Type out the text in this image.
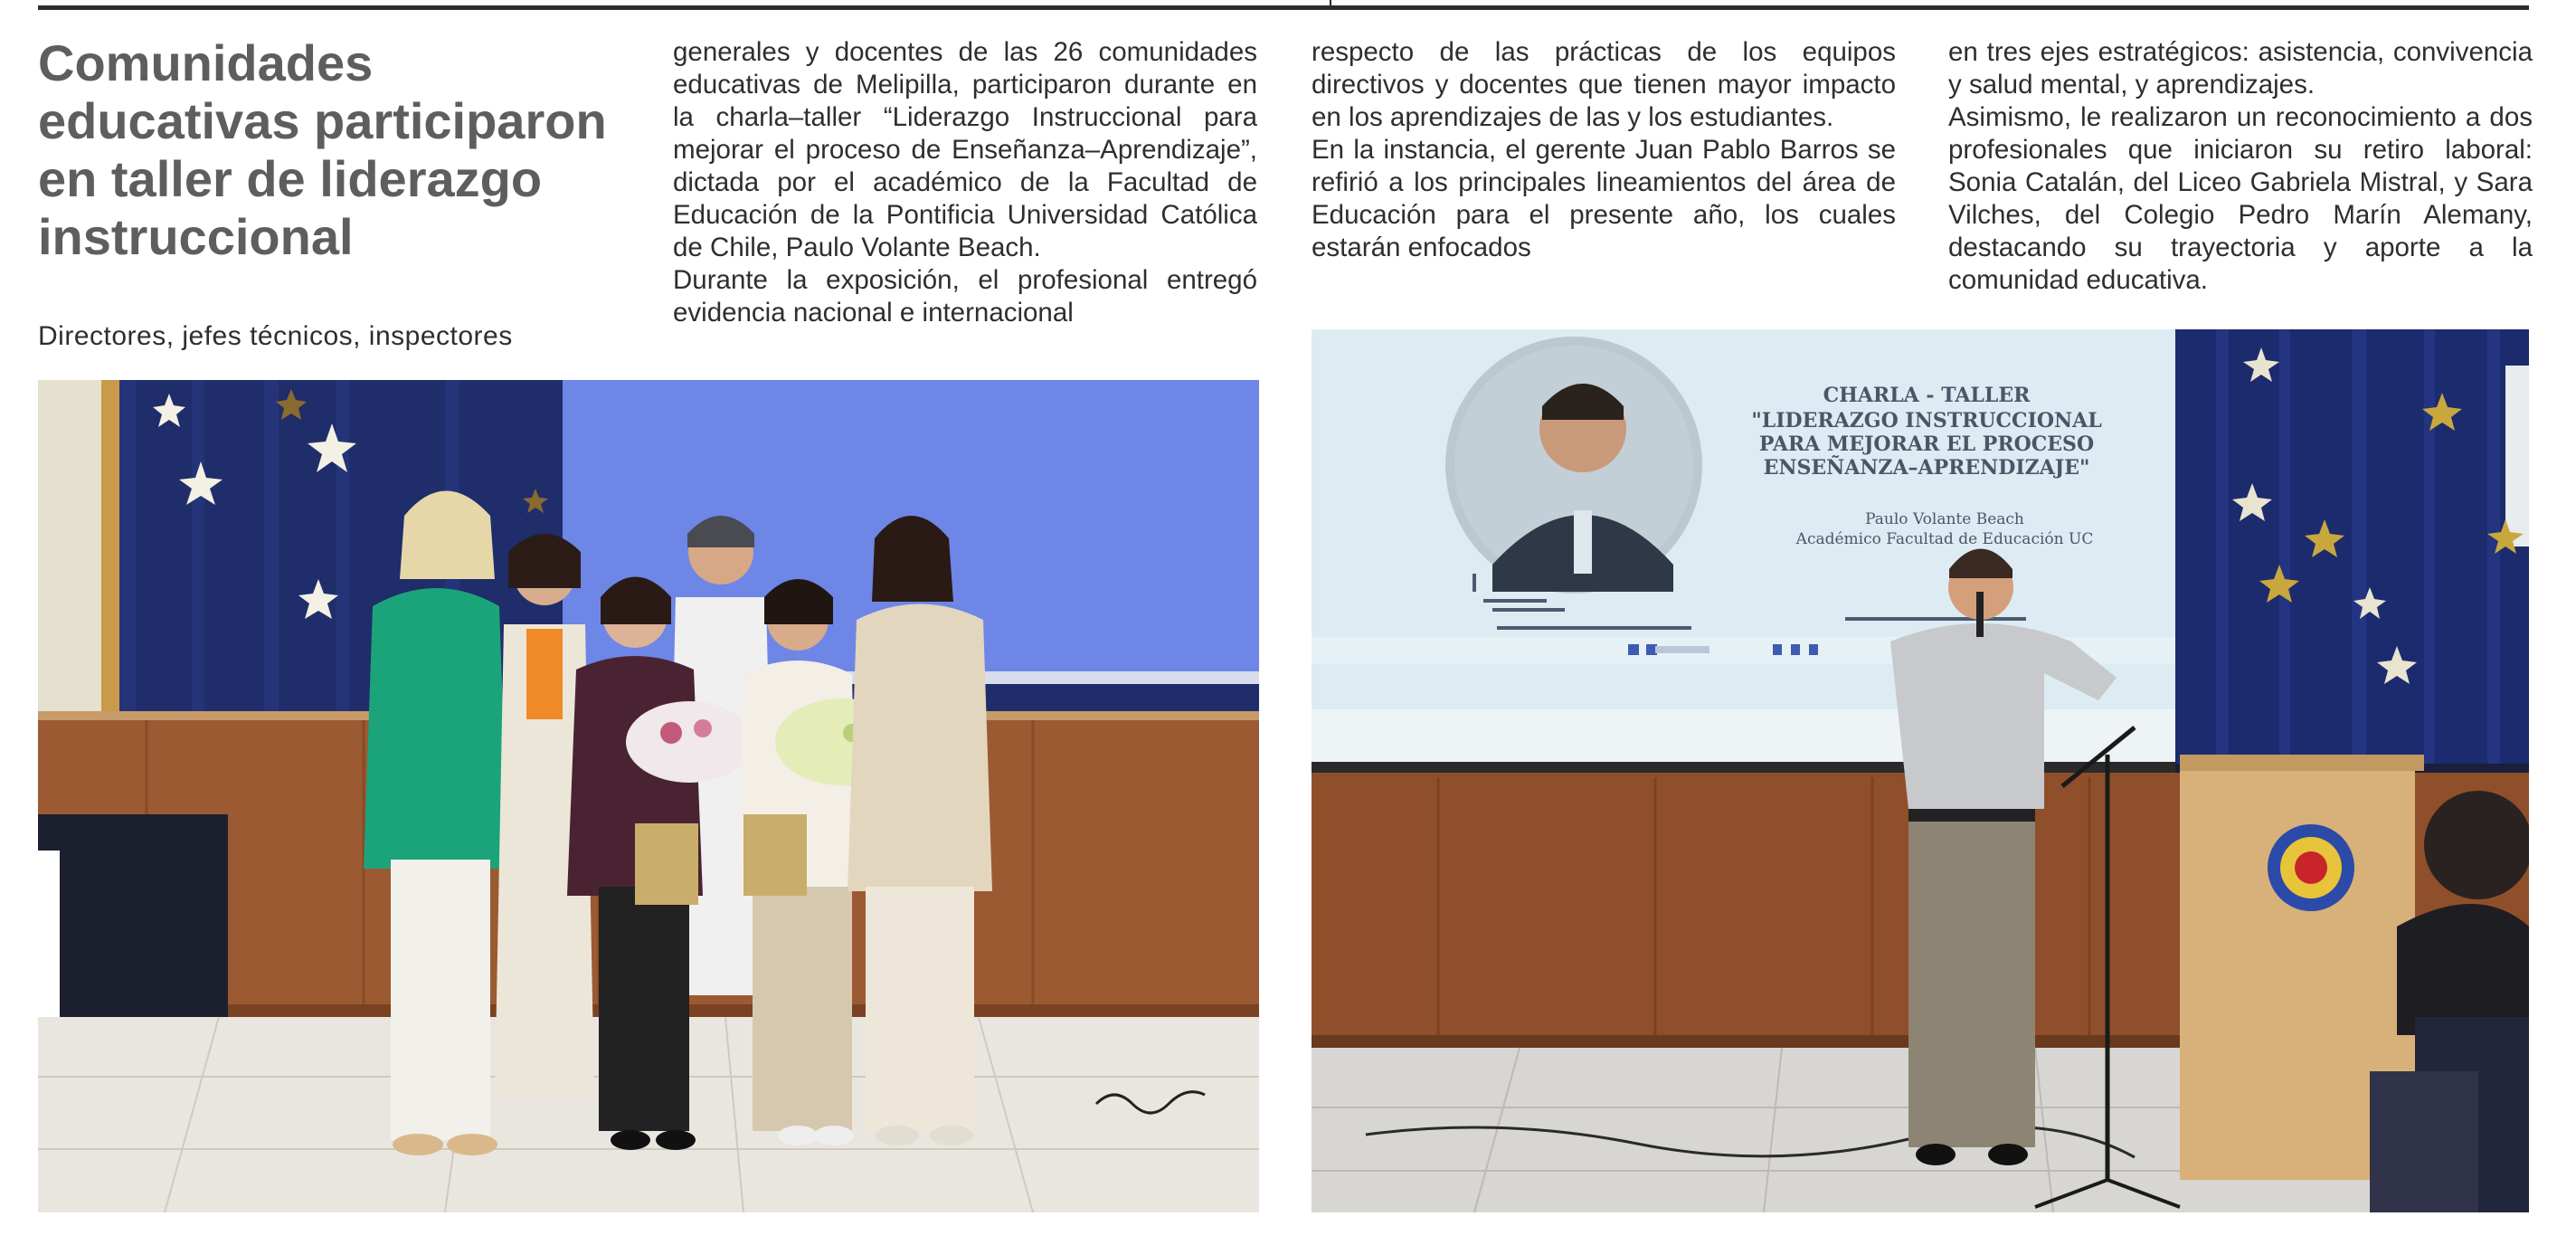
Comunidades educativas participaron en taller de liderazgo instruccional

Directores, jefes técnicos, inspectores

generales y docentes de las 26 comunidades educativas de Melipilla, participaron durante en la charla–taller “Liderazgo Instruccional para mejorar el proceso de Enseñanza–Aprendizaje”, dictada por el académico de la Facultad de Educación de la Pontificia Universidad Católica de Chile, Paulo Volante Beach.

Durante la exposición, el profesional entregó evidencia nacional e internacional

respecto de las prácticas de los equipos directivos y docentes que tienen mayor impacto en los aprendizajes de las y los estudiantes.

En la instancia, el gerente Juan Pablo Barros se refirió a los principales lineamientos del área de Educación para el presente año, los cuales estarán enfocados

en tres ejes estratégicos: asistencia, convivencia y salud mental, y aprendizajes.

Asimismo, le realizaron un reconocimiento a dos profesionales que iniciaron su retiro laboral: Sonia Catalán, del Liceo Gabriela Mistral, y Sara Vilches, del Colegio Pedro Marín Alemany, destacando su trayectoria y aporte a la comunidad educativa.

CHARLA - TALLER
"LIDERAZGO INSTRUCCIONAL
PARA MEJORAR EL PROCESO
ENSEÑANZA–APRENDIZAJE"
Paulo Volante Beach
Académico Facultad de Educación UC
